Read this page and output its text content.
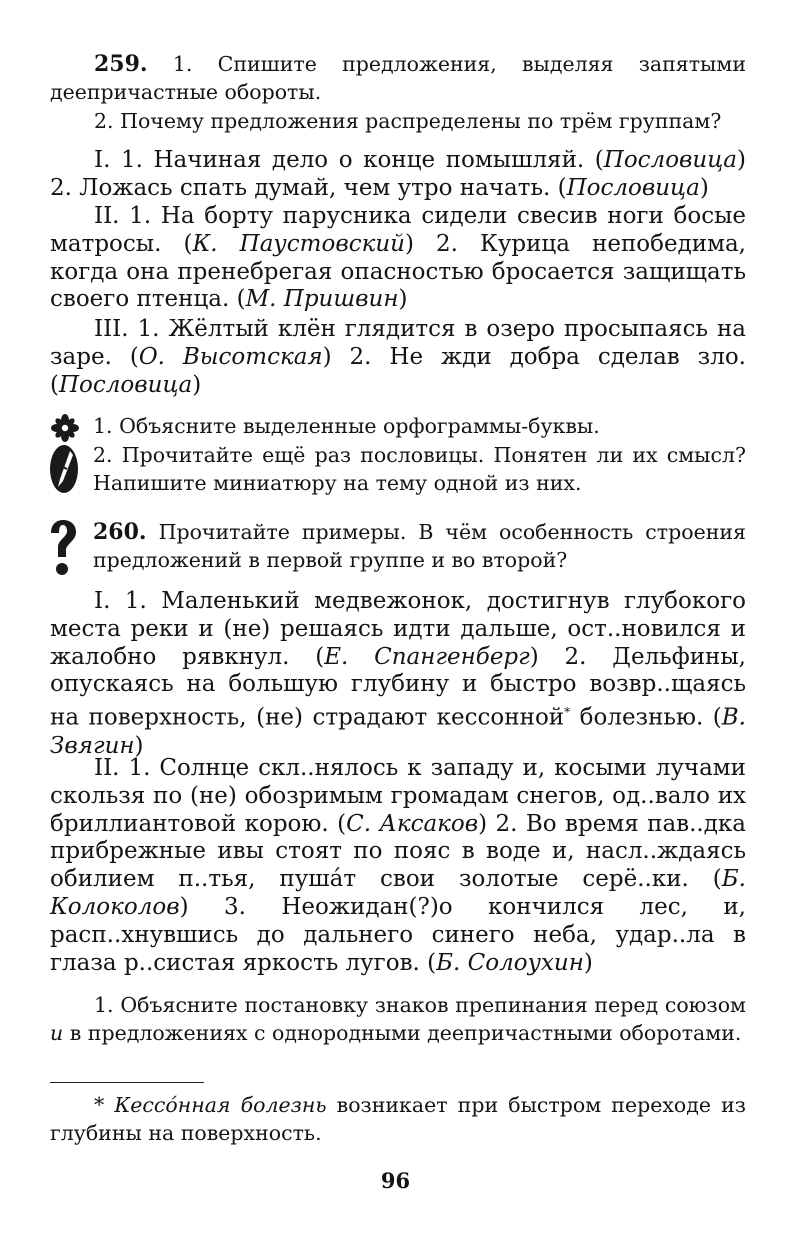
259. 1. Спишите предложения, выделяя запятыми деепричастные обороты.
2. Почему предложения распределены по трём группам?
I. 1. Начиная дело о конце помышляй. (Пословица) 2. Ложась спать думай, чем утро начать. (Пословица)
II. 1. На борту парусника сидели свесив ноги босые матросы. (К. Паустовский) 2. Курица непобедима, когда она пренебрегая опасностью бросается защищать своего птенца. (М. Пришвин)
III. 1. Жёлтый клён глядится в озеро просыпаясь на заре. (О. Высотская) 2. Не жди добра сделав зло. (Пословица)
1. Объясните выделенные орфограммы-буквы.
2. Прочитайте ещё раз пословицы. Понятен ли их смысл? Напишите миниатюру на тему одной из них.
260. Прочитайте примеры. В чём особенность строения предложений в первой группе и во второй?
I. 1. Маленький медвежонок, достигнув глубокого места реки и (не) решаясь идти дальше, ост..новился и жалобно рявкнул. (Е. Спангенберг) 2. Дельфины, опускаясь на большую глубину и быстро возвр..щаясь на поверхность, (не) страдают кессонной* болезнью. (В. Звягин)
II. 1. Солнце скл..нялось к западу и, косыми лучами скользя по (не) обозримым громадам снегов, од..вало их бриллиантовой корою. (С. Аксаков) 2. Во время пав..дка прибрежные ивы стоят по пояс в воде и, насл..ждаясь обилием п..тья, пуша́т свои золотые серё..ки. (Б. Колоколов) 3. Неожидан(?)о кончился лес, и, расп..хнувшись до дальнего синего неба, удар..ла в глаза р..систая яркость лугов. (Б. Солоухин)
1. Объясните постановку знаков препинания перед союзом и в предложениях с однородными деепричастными оборотами.
* Кессо́нная болезнь возникает при быстром переходе из глубины на поверхность.
96
